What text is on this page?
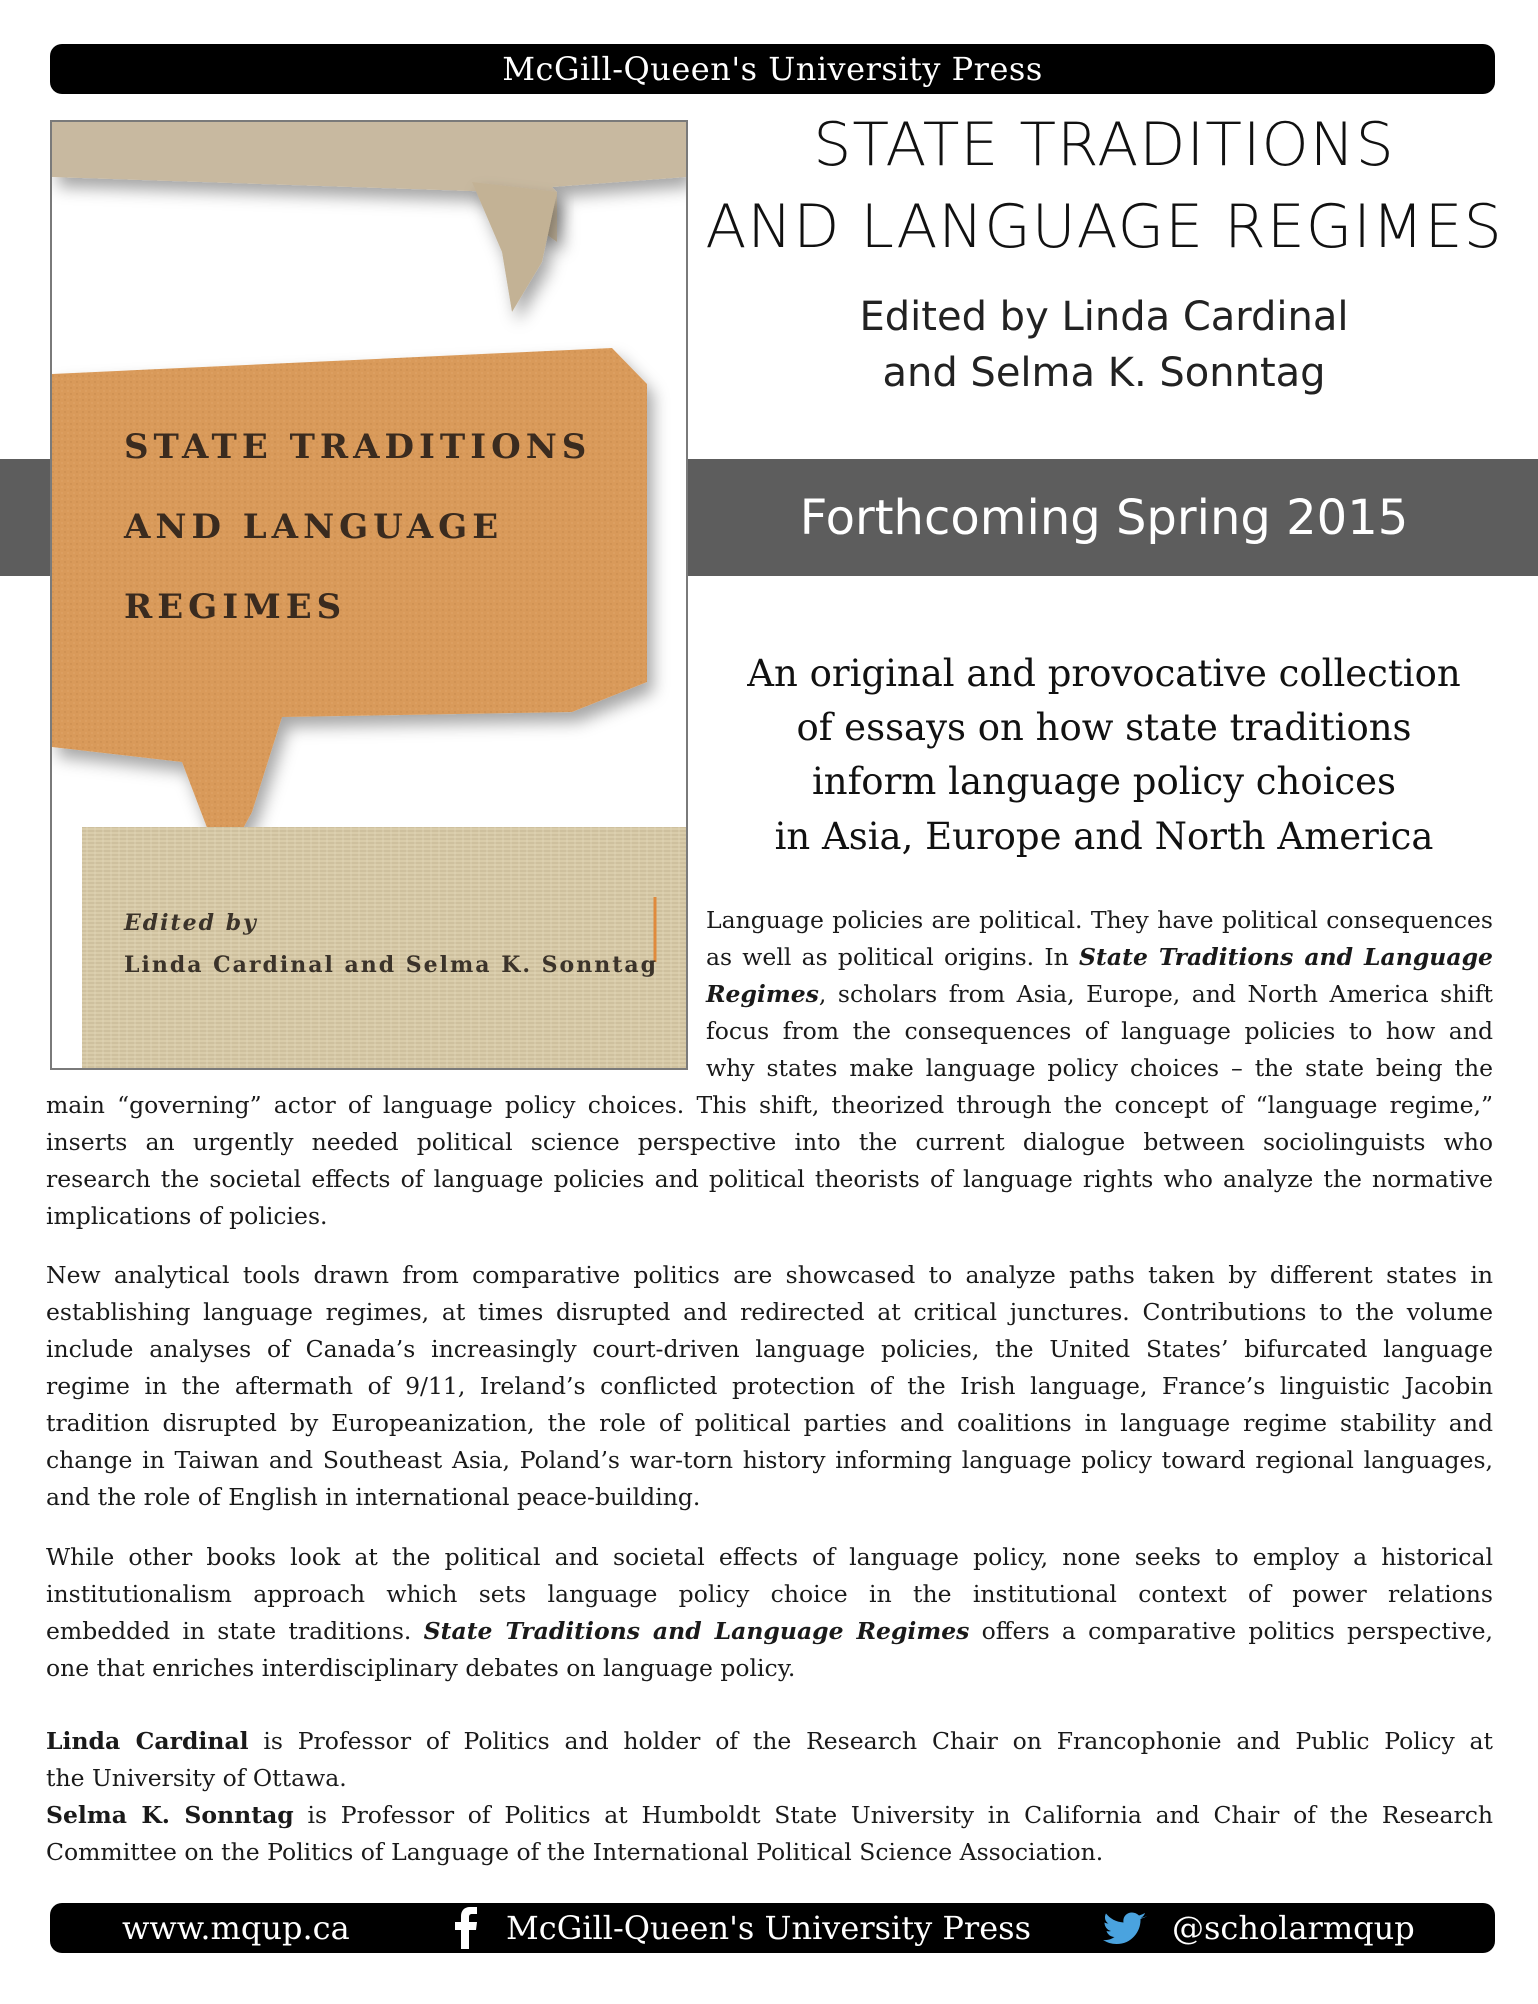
McGill-Queen's University Press
STATE TRADITIONS
AND LANGUAGE
REGIMES
Edited by
Linda Cardinal and Selma K. Sonntag
STATE TRADITIONS
AND LANGUAGE REGIMES
Edited by Linda Cardinal
and Selma K. Sonntag
Forthcoming Spring 2015
An original and provocative collection
of essays on how state traditions
inform language policy choices
in Asia, Europe and North America
Language policies are political. They have political consequences
as well as political origins. In State Traditions and Language
Regimes, scholars from Asia, Europe, and North America shift
focus from the consequences of language policies to how and
why states make language policy choices – the state being the
main “governing” actor of language policy choices. This shift, theorized through the concept of “language regime,”
inserts an urgently needed political science perspective into the current dialogue between sociolinguists who
research the societal effects of language policies and political theorists of language rights who analyze the normative
implications of policies.
New analytical tools drawn from comparative politics are showcased to analyze paths taken by different states in
establishing language regimes, at times disrupted and redirected at critical junctures. Contributions to the volume
include analyses of Canada’s increasingly court-driven language policies, the United States’ bifurcated language
regime in the aftermath of 9/11, Ireland’s conflicted protection of the Irish language, France’s linguistic Jacobin
tradition disrupted by Europeanization, the role of political parties and coalitions in language regime stability and
change in Taiwan and Southeast Asia, Poland’s war-torn history informing language policy toward regional languages,
and the role of English in international peace-building.
While other books look at the political and societal effects of language policy, none seeks to employ a historical
institutionalism approach which sets language policy choice in the institutional context of power relations
embedded in state traditions. State Traditions and Language Regimes offers a comparative politics perspective,
one that enriches interdisciplinary debates on language policy.
Linda Cardinal is Professor of Politics and holder of the Research Chair on Francophonie and Public Policy at
the University of Ottawa.
Selma K. Sonntag is Professor of Politics at Humboldt State University in California and Chair of the Research
Committee on the Politics of Language of the International Political Science Association.
www.mqup.ca	McGill-Queen's University Press	@scholarmqup
